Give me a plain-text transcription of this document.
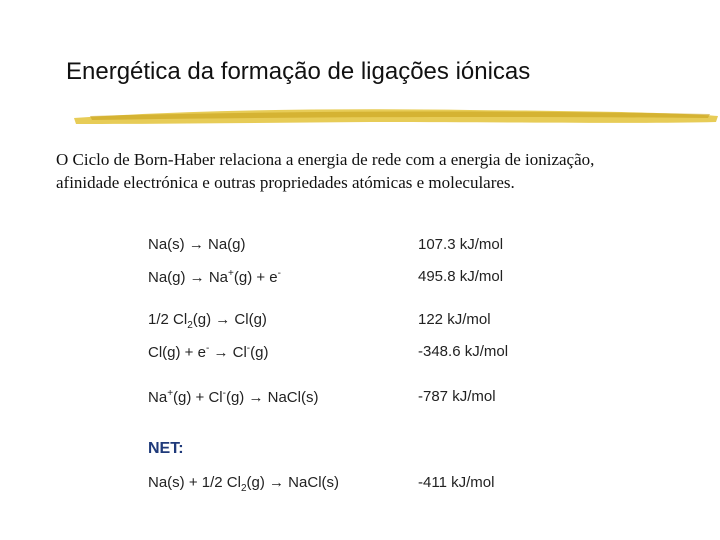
Energética da formação de ligações iónicas
O Ciclo de Born-Haber relaciona a energia de rede com a energia de ionização, afinidade electrónica e outras propriedades atómicas e moleculares.
Na(s) → Na(g)	107.3 kJ/mol
Na(g) → Na+(g) + e-	495.8 kJ/mol
1/2 $Cl_2(g) \to Cl(g)$	122 kJ/mol
Cl(g) + e- → Cl-(g)	-348.6 kJ/mol
Na+(g) + Cl-(g) → NaCl(s)	-787 kJ/mol
NET:
Na(s) + 1/2 $Cl_2(g)$ → NaCl(s)	-411 kJ/mol
